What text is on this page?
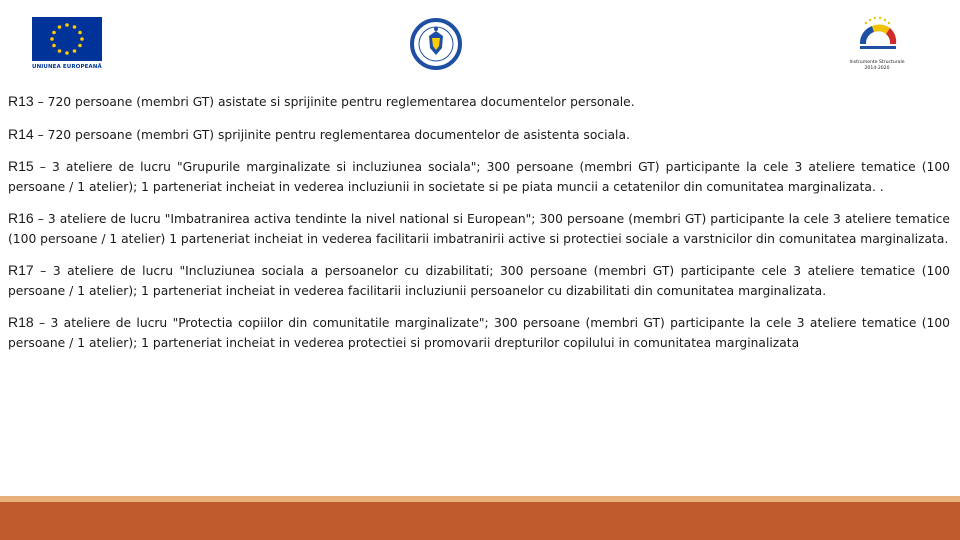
UNIUNEA EUROPEANĂ
Instrumente Structurale
2014-2020

R13 – 720 persoane (membri GT) asistate si sprijinite pentru reglementarea documentelor personale.

R14 – 720 persoane (membri GT) sprijinite pentru reglementarea documentelor de asistenta sociala.

R15 – 3 ateliere de lucru "Grupurile marginalizate si incluziunea sociala"; 300 persoane (membri GT) participante la cele 3 ateliere tematice (100 persoane / 1 atelier); 1 parteneriat incheiat in vederea incluziunii in societate si pe piata muncii a cetatenilor din comunitatea marginalizata. .

R16 – 3 ateliere de lucru "Imbatranirea activa tendinte la nivel national si European"; 300 persoane (membri GT) participante la cele 3 ateliere tematice (100 persoane / 1 atelier) 1 parteneriat incheiat in vederea facilitarii imbatranirii active si protectiei sociale a varstnicilor din comunitatea marginalizata.

R17 – 3 ateliere de lucru "Incluziunea sociala a persoanelor cu dizabilitati; 300 persoane (membri GT) participante cele 3 ateliere tematice (100 persoane / 1 atelier); 1 parteneriat incheiat in vederea facilitarii incluziunii persoanelor cu dizabilitati din comunitatea marginalizata.

R18 – 3 ateliere de lucru "Protectia copiilor din comunitatile marginalizate"; 300 persoane (membri GT) participante la cele 3 ateliere tematice (100 persoane / 1 atelier); 1 parteneriat incheiat in vederea protectiei si promovarii drepturilor copilului in comunitatea marginalizata
